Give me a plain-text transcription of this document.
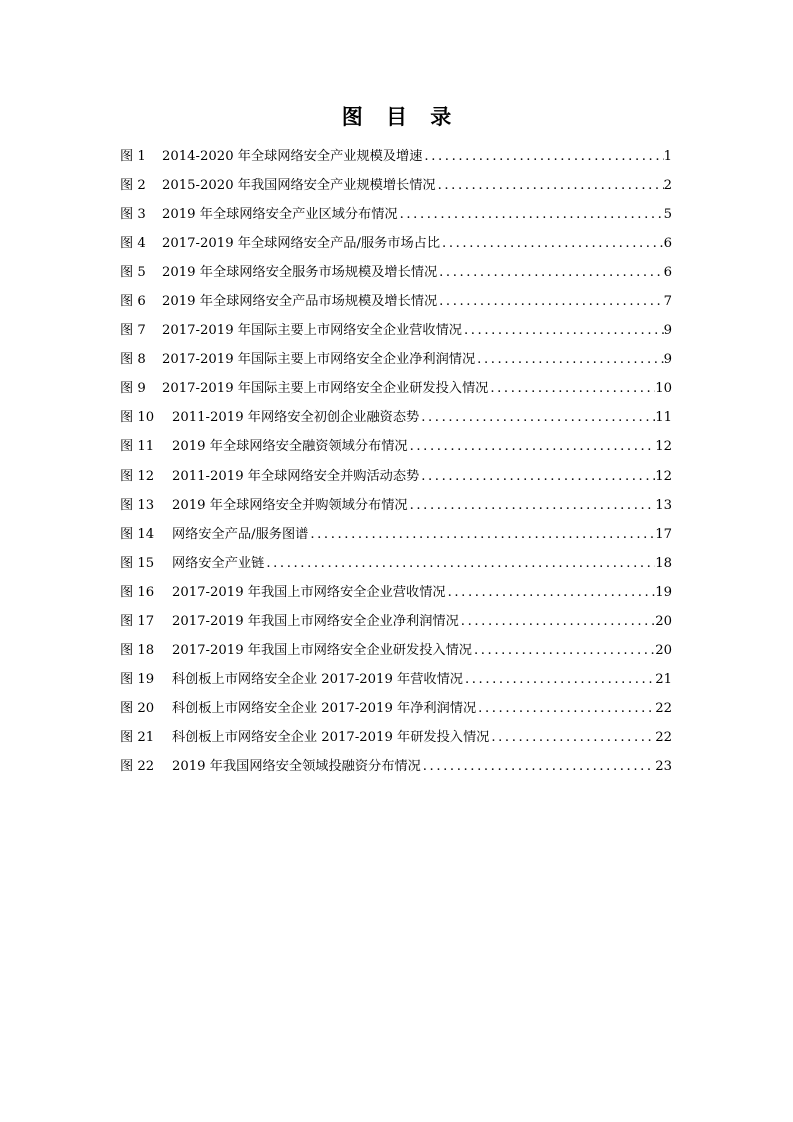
图 目 录
图 1	2014-2020 年全球网络安全产业规模及增速 .....	1
图 2	2015-2020 年我国网络安全产业规模增长情况 .....	2
图 3	2019 年全球网络安全产业区域分布情况 .....	5
图 4	2017-2019 年全球网络安全产品/服务市场占比 .....	6
图 5	2019 年全球网络安全服务市场规模及增长情况 .....	6
图 6	2019 年全球网络安全产品市场规模及增长情况 .....	7
图 7	2017-2019 年国际主要上市网络安全企业营收情况 .....	9
图 8	2017-2019 年国际主要上市网络安全企业净利润情况 .....	9
图 9	2017-2019 年国际主要上市网络安全企业研发投入情况 .....	10
图 10	2011-2019 年网络安全初创企业融资态势 .....	11
图 11	2019 年全球网络安全融资领域分布情况 .....	12
图 12	2011-2019 年全球网络安全并购活动态势 .....	12
图 13	2019 年全球网络安全并购领域分布情况 .....	13
图 14	网络安全产品/服务图谱 .....	17
图 15	网络安全产业链 .....	18
图 16	2017-2019 年我国上市网络安全企业营收情况 .....	19
图 17	2017-2019 年我国上市网络安全企业净利润情况 .....	20
图 18	2017-2019 年我国上市网络安全企业研发投入情况 .....	20
图 19	科创板上市网络安全企业 2017-2019 年营收情况 .....	21
图 20	科创板上市网络安全企业 2017-2019 年净利润情况 .....	22
图 21	科创板上市网络安全企业 2017-2019 年研发投入情况 .....	22
图 22	2019 年我国网络安全领域投融资分布情况 .....	23
